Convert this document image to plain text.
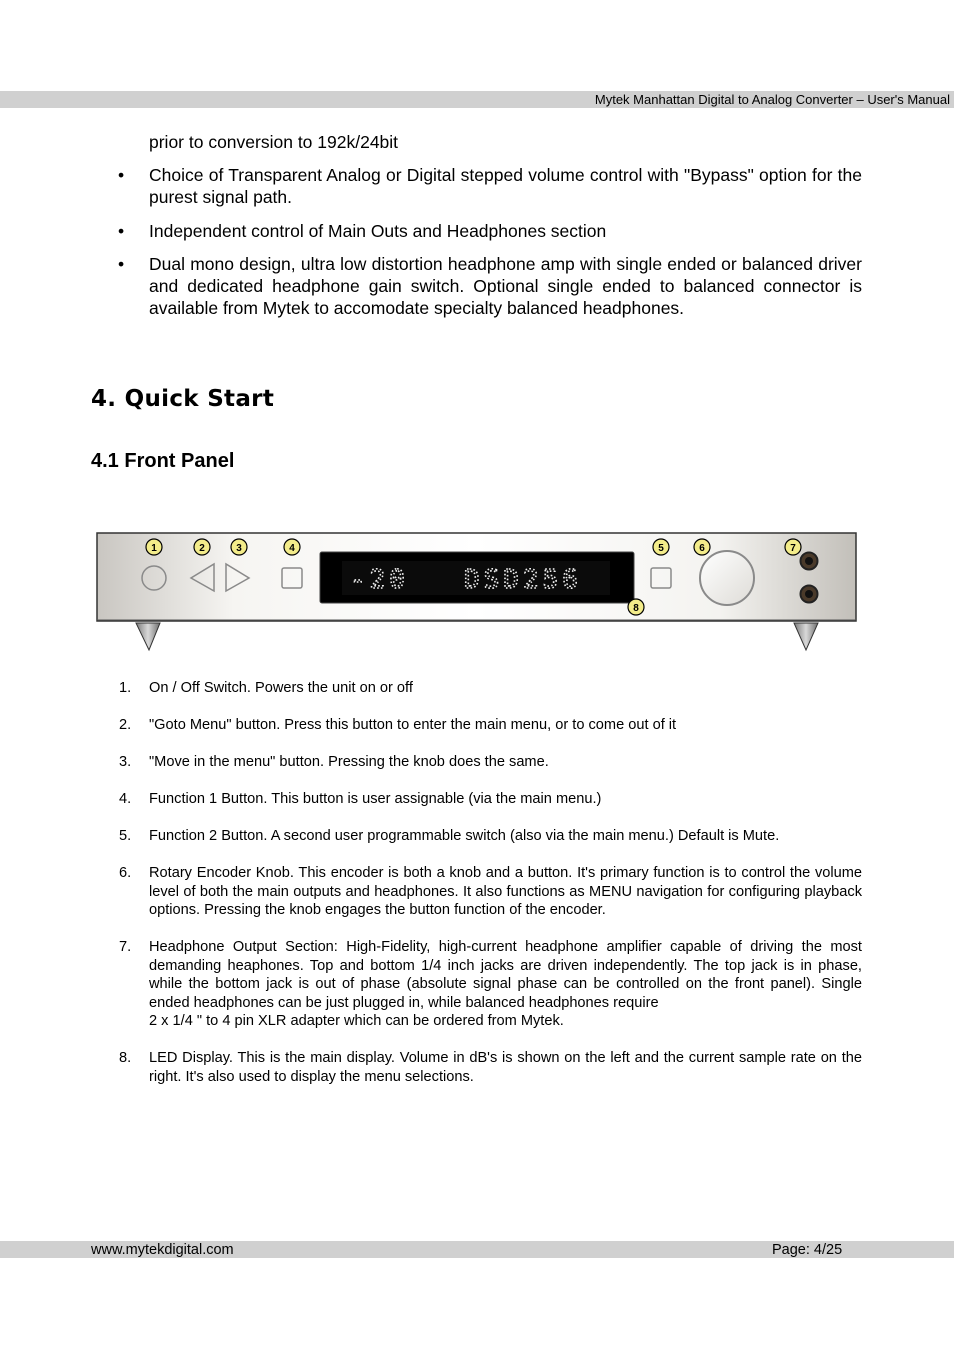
Mytek Manhattan Digital to Analog Converter – User's Manual
prior to conversion to 192k/24bit
• Choice of Transparent Analog or Digital stepped volume control with "Bypass" option for the purest signal path.
• Independent control of Main Outs and Headphones section
• Dual mono design, ultra low distortion headphone amp with single ended or balanced driver and dedicated headphone gain switch. Optional single ended to balanced connector is available from Mytek to accomodate specialty balanced headphones.
4. Quick Start
4.1 Front Panel
-20 DSD256
1	2	3	4	5	6	7
8
1. On / Off Switch. Powers the unit on or off
2. "Goto Menu" button. Press this button to enter the main menu, or to come out of it
3. "Move in the menu" button. Pressing the knob does the same.
4. Function 1 Button. This button is user assignable (via the main menu.)
5. Function 2 Button. A second user programmable switch (also via the main menu.) Default is Mute.
6. Rotary Encoder Knob. This encoder is both a knob and a button. It's primary function is to control the volume level of both the main outputs and headphones. It also functions as MENU navigation for configuring playback options. Pressing the knob engages the button function of the encoder.
7. Headphone Output Section: High-Fidelity, high-current headphone amplifier capable of driving the most demanding heaphones. Top and bottom 1/4 inch jacks are driven independently. The top jack is in phase, while the bottom jack is out of phase (absolute signal phase can be controlled on the front panel). Single ended headphones can be just plugged in, while balanced headphones require
2 x 1/4 " to 4 pin XLR adapter which can be ordered from Mytek.
8. LED Display. This is the main display. Volume in dB's is shown on the left and the current sample rate on the right. It's also used to display the menu selections.
www.mytekdigital.com	Page: 4/25
